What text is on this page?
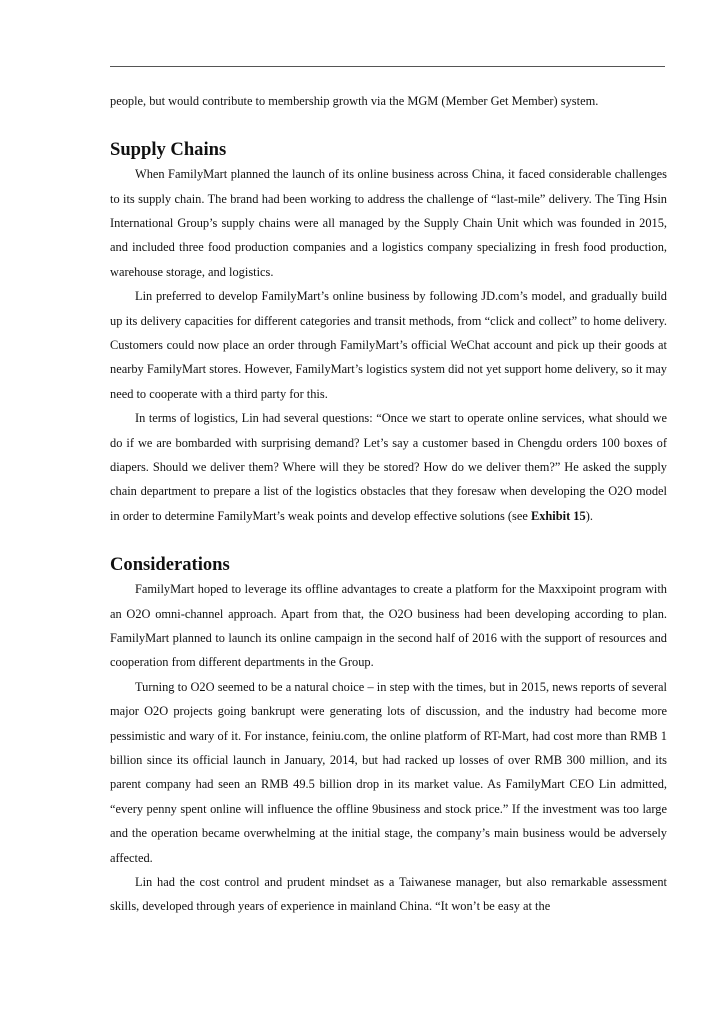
people, but would contribute to membership growth via the MGM (Member Get Member) system.

Supply Chains

When FamilyMart planned the launch of its online business across China, it faced considerable challenges to its supply chain. The brand had been working to address the challenge of “last-mile” delivery. The Ting Hsin International Group’s supply chains were all managed by the Supply Chain Unit which was founded in 2015, and included three food production companies and a logistics company specializing in fresh food production, warehouse storage, and logistics.

Lin preferred to develop FamilyMart’s online business by following JD.com’s model, and gradually build up its delivery capacities for different categories and transit methods, from “click and collect” to home delivery. Customers could now place an order through FamilyMart’s official WeChat account and pick up their goods at nearby FamilyMart stores. However, FamilyMart’s logistics system did not yet support home delivery, so it may need to cooperate with a third party for this.

In terms of logistics, Lin had several questions: “Once we start to operate online services, what should we do if we are bombarded with surprising demand? Let’s say a customer based in Chengdu orders 100 boxes of diapers. Should we deliver them? Where will they be stored? How do we deliver them?” He asked the supply chain department to prepare a list of the logistics obstacles that they foresaw when developing the O2O model in order to determine FamilyMart’s weak points and develop effective solutions (see Exhibit 15).

Considerations

FamilyMart hoped to leverage its offline advantages to create a platform for the Maxxipoint program with an O2O omni-channel approach. Apart from that, the O2O business had been developing according to plan. FamilyMart planned to launch its online campaign in the second half of 2016 with the support of resources and cooperation from different departments in the Group.

Turning to O2O seemed to be a natural choice – in step with the times, but in 2015, news reports of several major O2O projects going bankrupt were generating lots of discussion, and the industry had become more pessimistic and wary of it. For instance, feiniu.com, the online platform of RT-Mart, had cost more than RMB 1 billion since its official launch in January, 2014, but had racked up losses of over RMB 300 million, and its parent company had seen an RMB 49.5 billion drop in its market value. As FamilyMart CEO Lin admitted, “every penny spent online will influence the offline 9business and stock price.” If the investment was too large and the operation became overwhelming at the initial stage, the company’s main business would be adversely affected.

Lin had the cost control and prudent mindset as a Taiwanese manager, but also remarkable assessment skills, developed through years of experience in mainland China. “It won’t be easy at the
